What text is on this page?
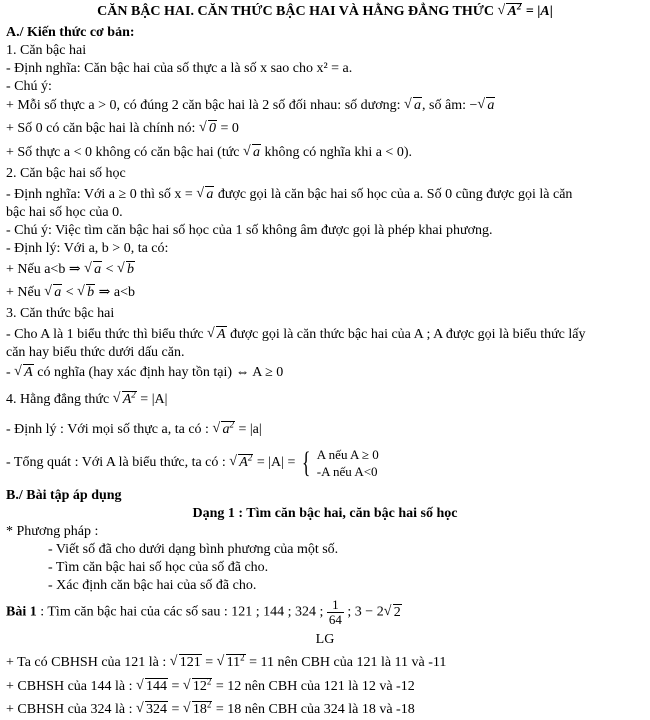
CĂN BẬC HAI. CĂN THỨC BẬC HAI VÀ HẰNG ĐẲNG THỨC √ $A^2 = |A|$
A./ Kiến thức cơ bản:
1. Căn bậc hai
- Định nghĩa: Căn bậc hai của số thực a là số x sao cho x² = a.
- Chú ý:
+ Mỗi số thực a > 0, có đúng 2 căn bậc hai là 2 số đối nhau: số dương: √ a, số âm: − √ a
+ Số 0 có căn bậc hai là chính nó: √ 0 = 0
+ Số thực a < 0 không có căn bậc hai (tức √ a không có nghĩa khi a < 0).
2. Căn bậc hai số học
- Định nghĩa: Với a ≥ 0 thì số x = √ a được gọi là căn bậc hai số học của a. Số 0 cũng được gọi là căn
bậc hai số học của 0.
- Chú ý: Việc tìm căn bậc hai số học của 1 số không âm được gọi là phép khai phương.
- Định lý: Với a, b > 0, ta có:
+ Nếu a<b ⇒ √ a < √ b
+ Nếu √ a < √ b ⇒ a<b
3. Căn thức bậc hai
- Cho A là 1 biểu thức thì biểu thức √ A được gọi là căn thức bậc hai của A ; A được gọi là biểu thức lấy
căn hay biểu thức dưới dấu căn.
- √ A có nghĩa (hay xác định hay tồn tại) ⇔ A ≥ 0
4. Hằng đẳng thức √ $A^2 = |A|$
- Định lý : Với mọi số thực a, ta có : √ $a^2 = |a|$
- Tổng quát : Với A là biểu thức, ta có : √ $A^2 = |A|$ = { A nếu A ≥ 0
-A nếu A<0
B./ Bài tập áp dụng
Dạng 1 : Tìm căn bậc hai, căn bậc hai số học
* Phương pháp :
- Viết số đã cho dưới dạng bình phương của một số.
- Tìm căn bậc hai số học của số đã cho.
- Xác định căn bậc hai của số đã cho.
Bài 1 : Tìm căn bậc hai của các số sau : 121 ; 144 ; 324 ; $\frac{1}{64}$ ; 3 − 2 √ 2
LG
+ Ta có CBHSH của 121 là : √ 121 = √ $11^2 = 11$ nên CBH của 121 là 11 và -11
+ CBHSH của 144 là : √ 144 = √ $12^2 = 12$ nên CBH của 121 là 12 và -12
+ CBHSH của 324 là : √ 324 = √ $18^2 = 18$ nên CBH của 324 là 18 và -18
